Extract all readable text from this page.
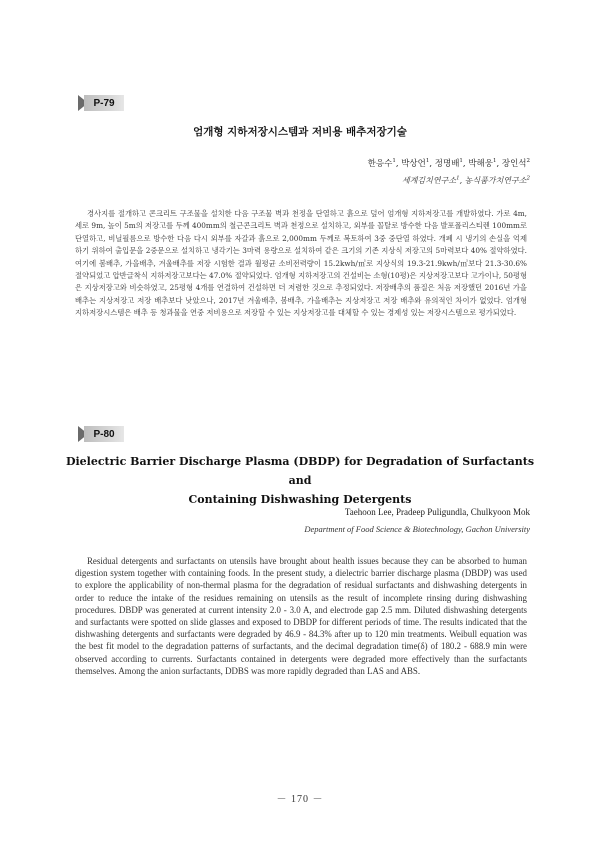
P-79
엄개형 지하저장시스템과 저비용 배추저장기술
한응수$^1$, 박상언$^1$, 정명배$^1$, 박해웅$^1$, 장인석$^2$
세계김치연구소$^1$, 농식품가치연구소$^2$

경사지를 절개하고 콘크리트 구조물을 설치한 다음 구조물 벽과 천정을 단열하고 흙으로 덮어 엄개형 지하저장고를 개발하였다. 가로 4m, 세로 9m, 높이 5m의 저장고를 두께 400mm의 철근콘크리트 벽과 천정으로 설치하고, 외부를 꼴탈로 방수한 다음 발포폴리스티렌 100mm로 단열하고, 비닐필름으로 방수한 다음 다시 외부를 자갈과 흙으로 2,000mm 두께로 복토하여 3중 중단열 하였다. 개폐 시 냉기의 손실을 억제하기 위하여 출입문을 2중문으로 설치하고 냉각기는 3마력 용량으로 설치하여 같은 크기의 기존 지상식 저장고의 5마력보다 40% 절약하였다. 여기에 봄배추, 가을배추, 겨울배추를 저장 시험한 결과 월평균 소비전력량이 15.2kwh/㎥로 지상식의 19.3-21.9kwh/㎥보다 21.3-30.6% 절약되었고 압반글착식 지하저장고보다는 47.0% 절약되었다. 엄개형 지하저장고의 건설비는 소형(10평)은 지상저장고보다 고가이나, 50평형은 지상저장고와 비슷하였고, 25평형 4개를 연결하여 건설하면 더 저렴한 것으로 추정되었다. 저장배추의 품질은 처음 저장했던 2016년 가을배추는 지상저장고 저장 배추보다 낫았으나, 2017년 겨울배추, 봄배추, 가을배추는 지상저장고 저장 배추와 유의적인 차이가 없었다. 엄개형 지하저장시스템은 배추 등 청과물을 연중 저비용으로 저장할 수 있는 지상저장고를 대체할 수 있는 경제성 있는 저장시스템으로 평가되었다.

P-80

Dielectric Barrier Discharge Plasma (DBDP) for Degradation of Surfactants and
Containing Dishwashing Detergents

Taehoon Lee, Pradeep Puligundla, Chulkyoon Mok
Department of Food Science & Biotechnology, Gachon University

Residual detergents and surfactants on utensils have brought about health issues because they can be absorbed to human digestion system together with containing foods. In the present study, a dielectric barrier discharge plasma (DBDP) was used to explore the applicability of non-thermal plasma for the degradation of residual surfactants and dishwashing detergents in order to reduce the intake of the residues remaining on utensils as the result of incomplete rinsing during dishwashing procedures. DBDP was generated at current intensity 2.0 - 3.0 A, and electrode gap 2.5 mm. Diluted dishwashing detergents and surfactants were spotted on slide glasses and exposed to DBDP for different periods of time. The results indicated that the dishwashing detergents and surfactants were degraded by 46.9 - 84.3% after up to 120 min treatments. Weibull equation was the best fit model to the degradation patterns of surfactants, and the decimal degradation time(δ) of 180.2 - 688.9 min were observed according to currents. Surfactants contained in detergents were degraded more effectively than the surfactants themselves. Among the anion surfactants, DDBS was more rapidly degraded than LAS and ABS.

－ 170 －
